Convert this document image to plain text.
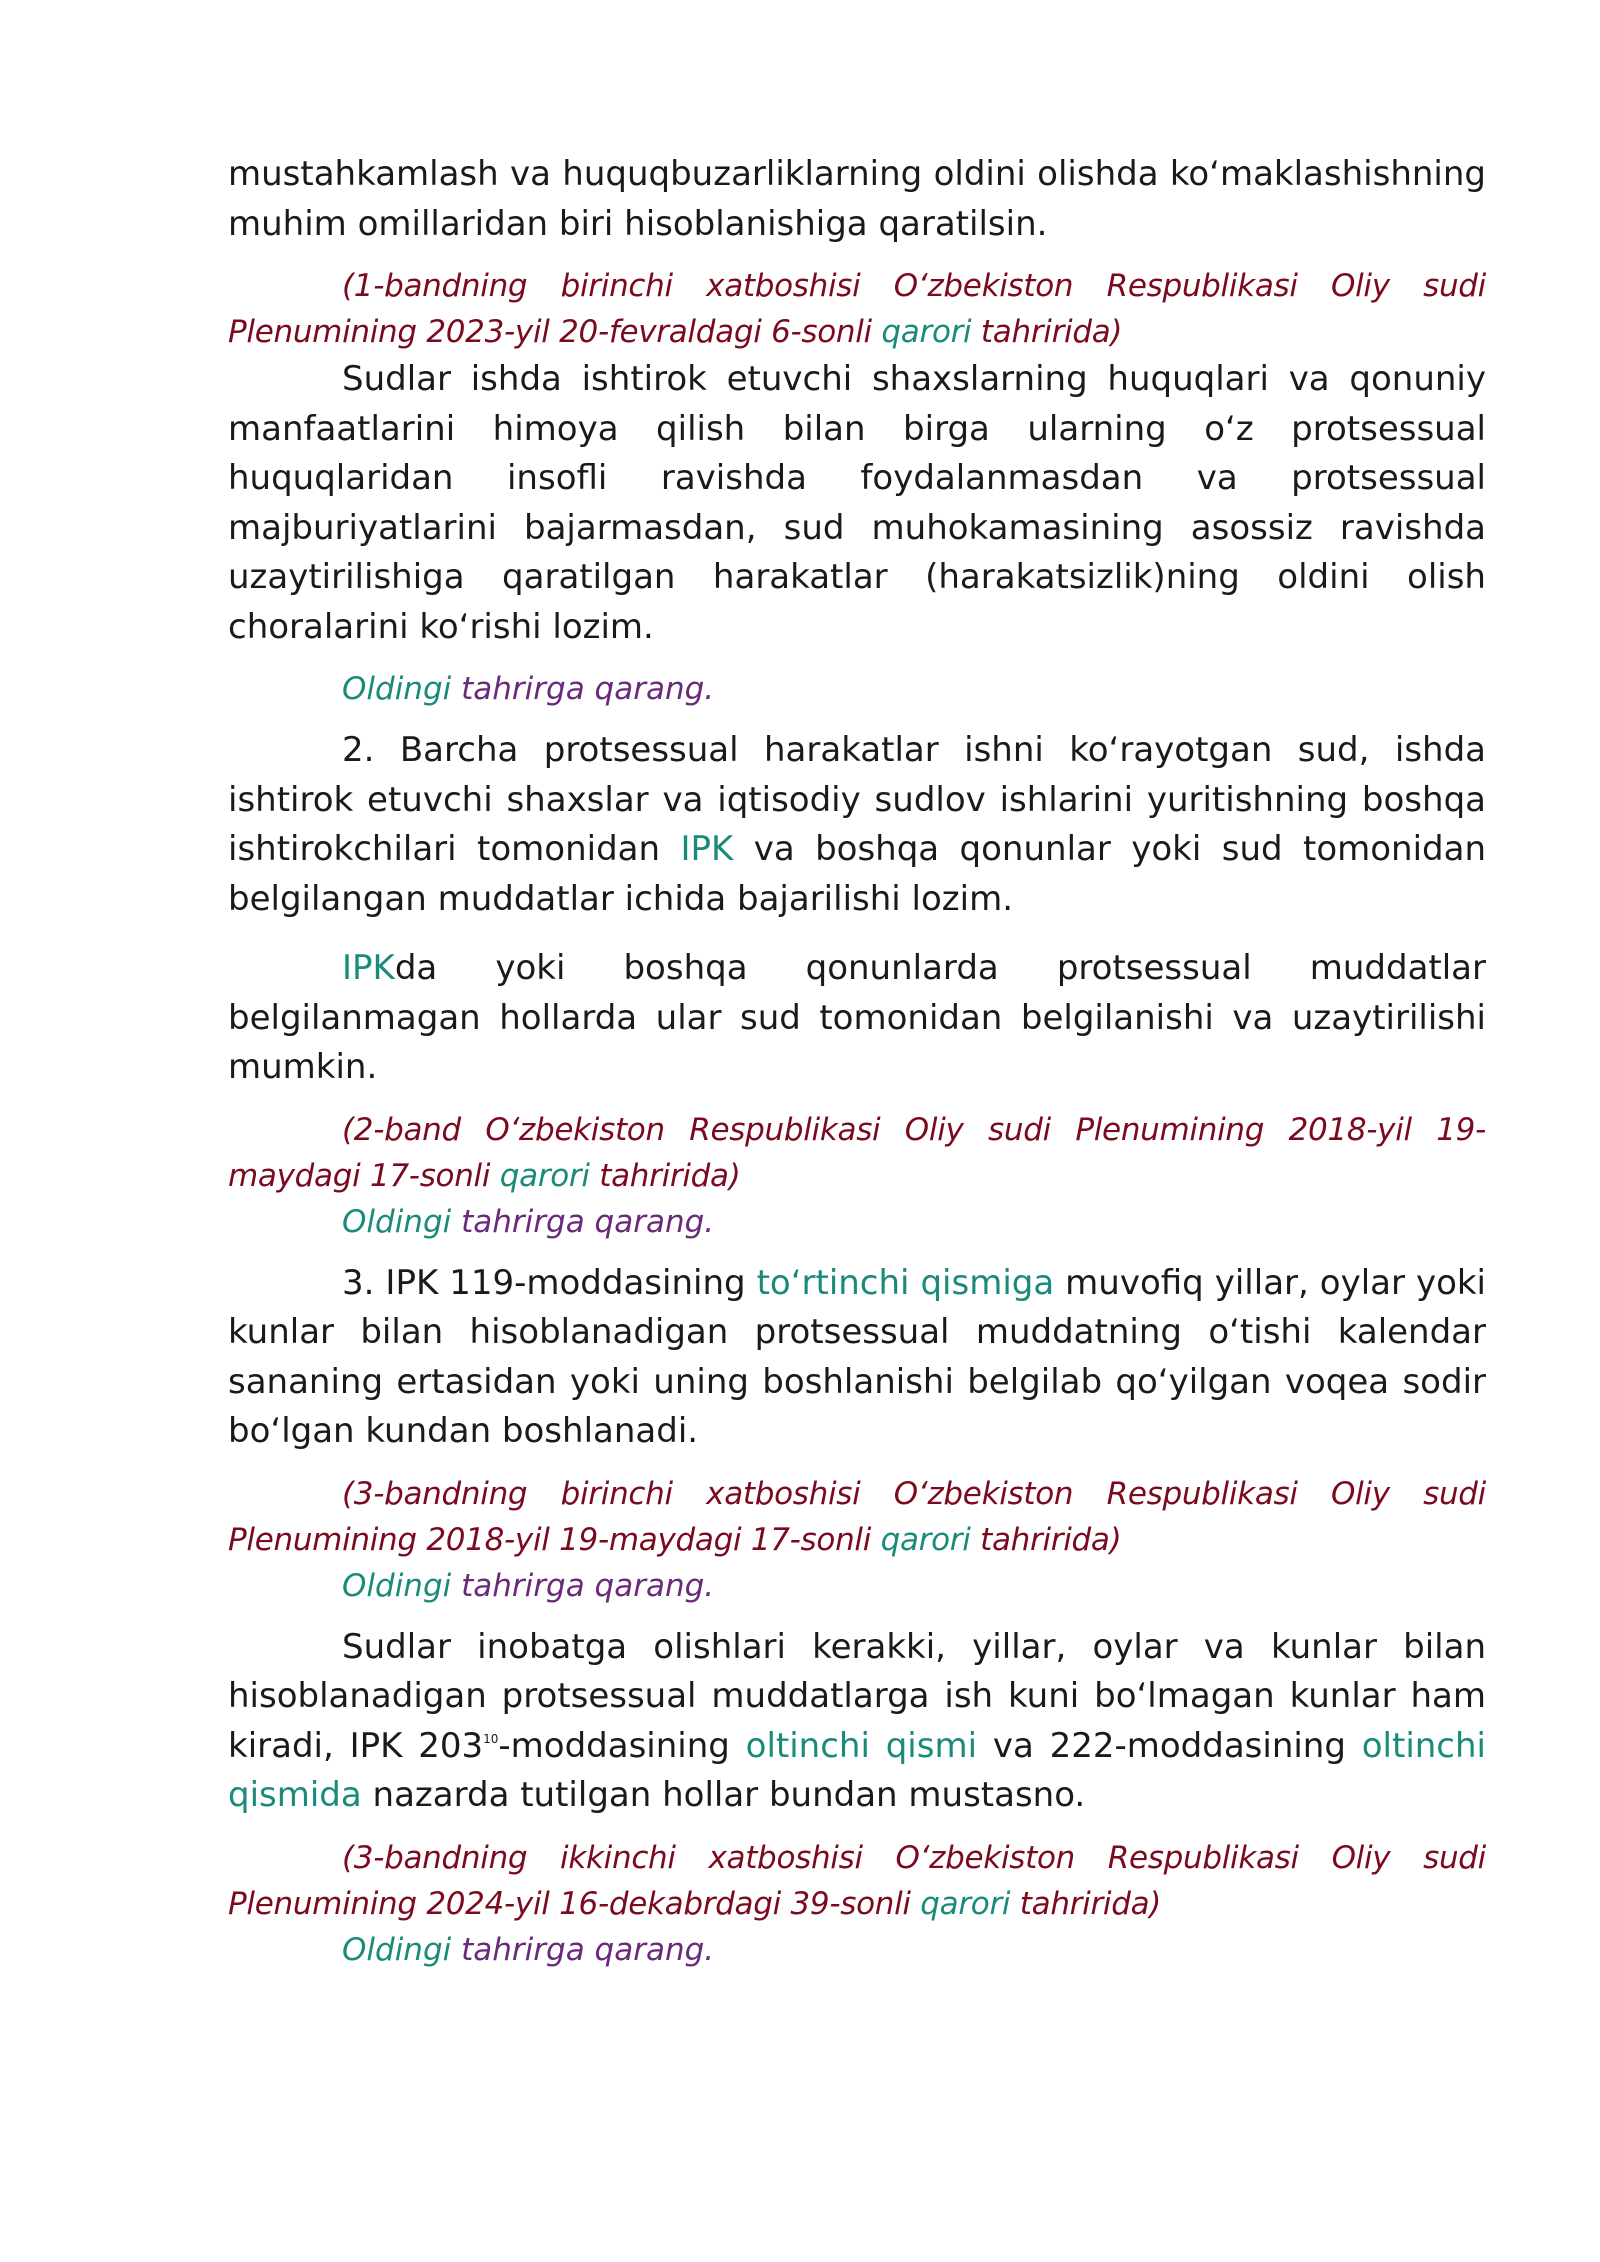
mustahkamlash va huquqbuzarliklarning oldini olishda ko‘maklashishning muhim omillaridan biri hisoblanishiga qaratilsin.

(1-bandning birinchi xatboshisi O‘zbekiston Respublikasi Oliy sudi Plenumining 2023-yil 20-fevraldagi 6-sonli qarori tahririda)

Sudlar ishda ishtirok etuvchi shaxslarning huquqlari va qonuniy manfaatlarini himoya qilish bilan birga ularning o‘z protsessual huquqlaridan insofli ravishda foydalanmasdan va protsessual majburiyatlarini bajarmasdan, sud muhokamasining asossiz ravishda uzaytirilishiga qaratilgan harakatlar (harakatsizlik)ning oldini olish choralarini ko‘rishi lozim.

Oldingi tahrirga qarang.

2. Barcha protsessual harakatlar ishni ko‘rayotgan sud, ishda ishtirok etuvchi shaxslar va iqtisodiy sudlov ishlarini yuritishning boshqa ishtirokchilari tomonidan IPK va boshqa qonunlar yoki sud tomonidan belgilangan muddatlar ichida bajarilishi lozim.

IPKda yoki boshqa qonunlarda protsessual muddatlar belgilanmagan hollarda ular sud tomonidan belgilanishi va uzaytirilishi mumkin.

(2-band O‘zbekiston Respublikasi Oliy sudi Plenumining 2018-yil 19-maydagi 17-sonli qarori tahririda)

Oldingi tahrirga qarang.

3. IPK 119-moddasining to‘rtinchi qismiga muvofiq yillar, oylar yoki kunlar bilan hisoblanadigan protsessual muddatning o‘tishi kalendar sananing ertasidan yoki uning boshlanishi belgilab qo‘yilgan voqea sodir bo‘lgan kundan boshlanadi.

(3-bandning birinchi xatboshisi O‘zbekiston Respublikasi Oliy sudi Plenumining 2018-yil 19-maydagi 17-sonli qarori tahririda)

Oldingi tahrirga qarang.

Sudlar inobatga olishlari kerakki, yillar, oylar va kunlar bilan hisoblanadigan protsessual muddatlarga ish kuni bo‘lmagan kunlar ham kiradi, IPK $203^{10}$-moddasining oltinchi qismi va 222-moddasining oltinchi qismida nazarda tutilgan hollar bundan mustasno.

(3-bandning ikkinchi xatboshisi O‘zbekiston Respublikasi Oliy sudi Plenumining 2024-yil 16-dekabrdagi 39-sonli qarori tahririda)

Oldingi tahrirga qarang.
